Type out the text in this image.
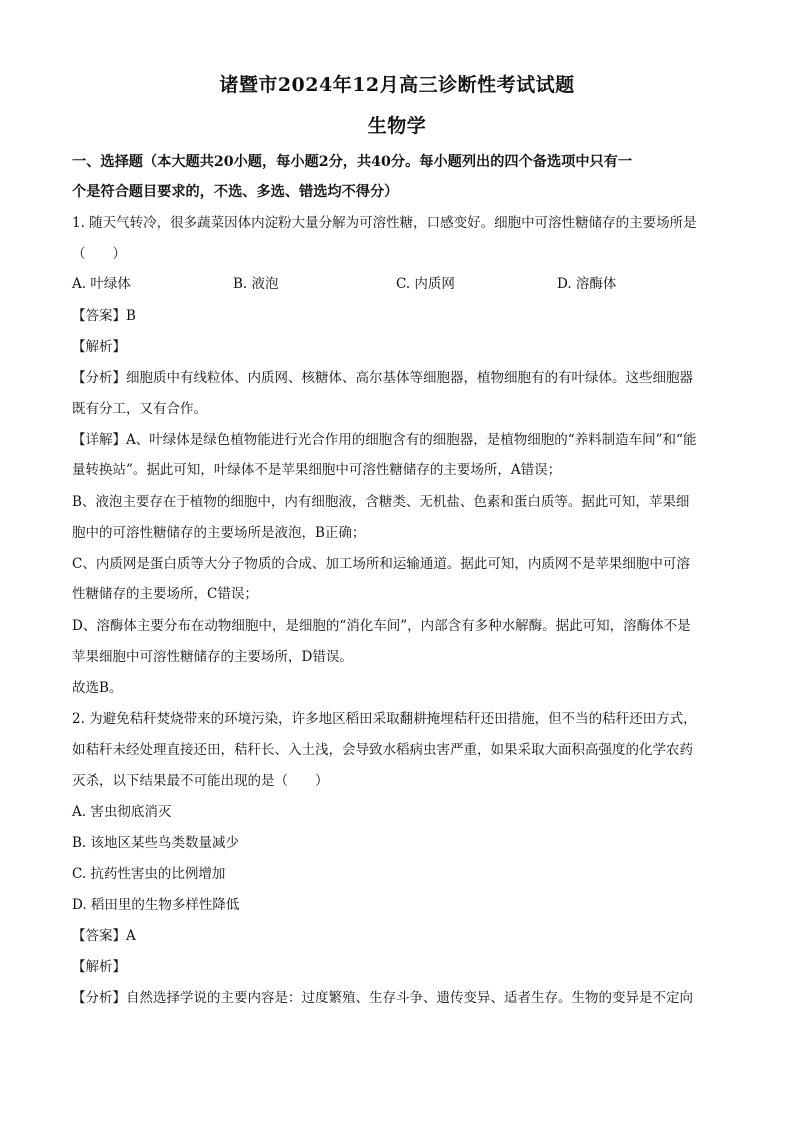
诸暨市2024年12月高三诊断性考试试题
生物学
一、选择题（本大题共20小题，每小题2分，共40分。每小题列出的四个备选项中只有一
个是符合题目要求的，不选、多选、错选均不得分）
1. 随天气转冷，很多蔬菜因体内淀粉大量分解为可溶性糖，口感变好。细胞中可溶性糖储存的主要场所是
（　　）
A. 叶绿体	B. 液泡	C. 内质网	D. 溶酶体
【答案】B
【解析】
【分析】细胞质中有线粒体、内质网、核糖体、高尔基体等细胞器，植物细胞有的有叶绿体。这些细胞器
既有分工，又有合作。
【详解】A、叶绿体是绿色植物能进行光合作用的细胞含有的细胞器，是植物细胞的“养料制造车间”和“能
量转换站”。据此可知，叶绿体不是苹果细胞中可溶性糖储存的主要场所，A错误；
B、液泡主要存在于植物的细胞中，内有细胞液，含糖类、无机盐、色素和蛋白质等。据此可知，苹果细
胞中的可溶性糖储存的主要场所是液泡，B正确；
C、内质网是蛋白质等大分子物质的合成、加工场所和运输通道。据此可知，内质网不是苹果细胞中可溶
性糖储存的主要场所，C错误；
D、溶酶体主要分布在动物细胞中，是细胞的“消化车间”，内部含有多种水解酶。据此可知，溶酶体不是
苹果细胞中可溶性糖储存的主要场所，D错误。
故选B。
2. 为避免秸秆焚烧带来的环境污染，许多地区稻田采取翻耕掩埋秸秆还田措施，但不当的秸秆还田方式，
如秸秆未经处理直接还田，秸秆长、入土浅，会导致水稻病虫害严重，如果采取大面积高强度的化学农药
灭杀，以下结果最不可能出现的是（　　）
A. 害虫彻底消灭
B. 该地区某些鸟类数量减少
C. 抗药性害虫的比例增加
D. 稻田里的生物多样性降低
【答案】A
【解析】
【分析】自然选择学说的主要内容是：过度繁殖、生存斗争、遗传变异、适者生存。生物的变异是不定向
